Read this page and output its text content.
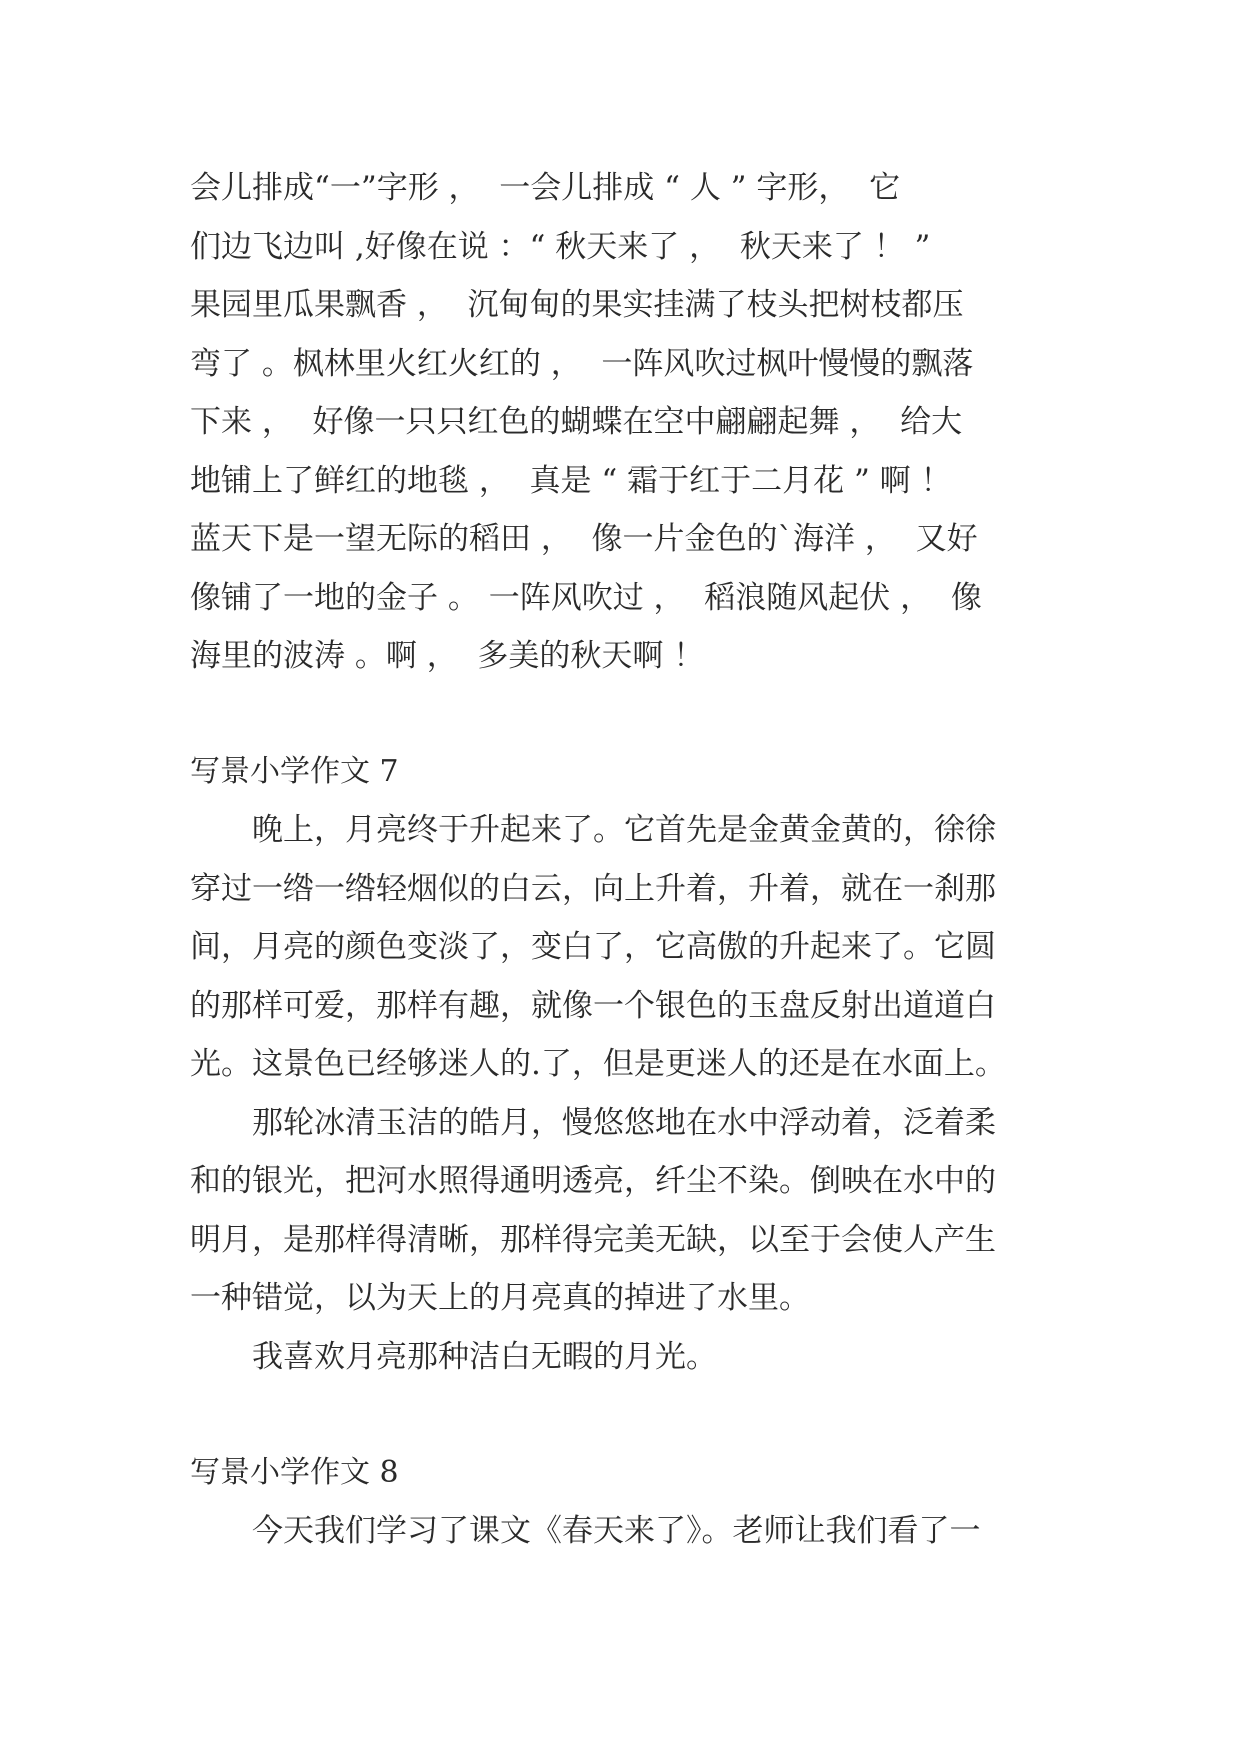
会儿排成“一”字形 ，  一会儿排成 “ 人 ” 字形，  它
们边飞边叫 ,好像在说 ：“ 秋天来了 ，  秋天来了 ！ ”
果园里瓜果飘香 ，  沉甸甸的果实挂满了枝头把树枝都压
弯了 。枫林里火红火红的 ，  一阵风吹过枫叶慢慢的飘落
下来 ，  好像一只只红色的蝴蝶在空中翩翩起舞 ，  给大
地铺上了鲜红的地毯 ，  真是 “ 霜于红于二月花 ” 啊 ！
蓝天下是一望无际的稻田 ，  像一片金色的`海洋 ，  又好
像铺了一地的金子 。 一阵风吹过 ，  稻浪随风起伏 ，  像
海里的波涛 。啊 ，  多美的秋天啊 ！
写景小学作文 7
　　晚上，月亮终于升起来了。它首先是金黄金黄的，徐徐
穿过一绺一绺轻烟似的白云，向上升着，升着，就在一刹那
间，月亮的颜色变淡了，变白了，它高傲的升起来了。它圆
的那样可爱，那样有趣，就像一个银色的玉盘反射出道道白
光。这景色已经够迷人的.了，但是更迷人的还是在水面上。
　　那轮冰清玉洁的皓月，慢悠悠地在水中浮动着，泛着柔
和的银光，把河水照得通明透亮，纤尘不染。倒映在水中的
明月，是那样得清晰，那样得完美无缺，以至于会使人产生
一种错觉，以为天上的月亮真的掉进了水里。
　　我喜欢月亮那种洁白无暇的月光。
写景小学作文 8
　　今天我们学习了课文《春天来了》。老师让我们看了一
